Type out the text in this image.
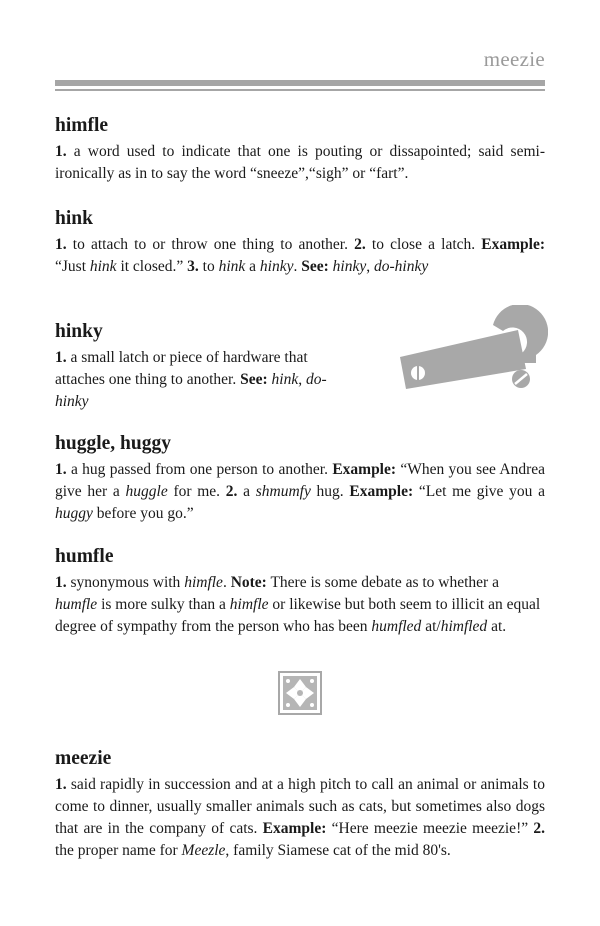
meezie
himfle

1. a word used to indicate that one is pouting or dissapointed; said semi-ironically as in to say the word “sneeze”,“sigh” or “fart”.

hink

1. to attach to or throw one thing to another. 2. to close a latch. Example: “Just hink it closed.” 3. to hink a hinky. See: hinky, do-hinky

hinky

1. a small latch or piece of hardware that attaches one thing to another. See: hink, do-hinky

huggle, huggy

1. a hug passed from one person to another. Example: “When you see Andrea give her a huggle for me. 2. a shmumfy hug. Example: “Let me give you a huggy before you go.”

humfle

1. synonymous with himfle. Note: There is some debate as to whether a humfle is more sulky than a himfle or likewise but both seem to illicit an equal degree of sympathy from the person who has been humfled at/himfled at.

meezie

1. said rapidly in succession and at a high pitch to call an animal or animals to come to dinner, usually smaller animals such as cats, but sometimes also dogs that are in the company of cats. Example: “Here meezie meezie meezie!” 2. the proper name for Meezle, family Siamese cat of the mid 80's.
